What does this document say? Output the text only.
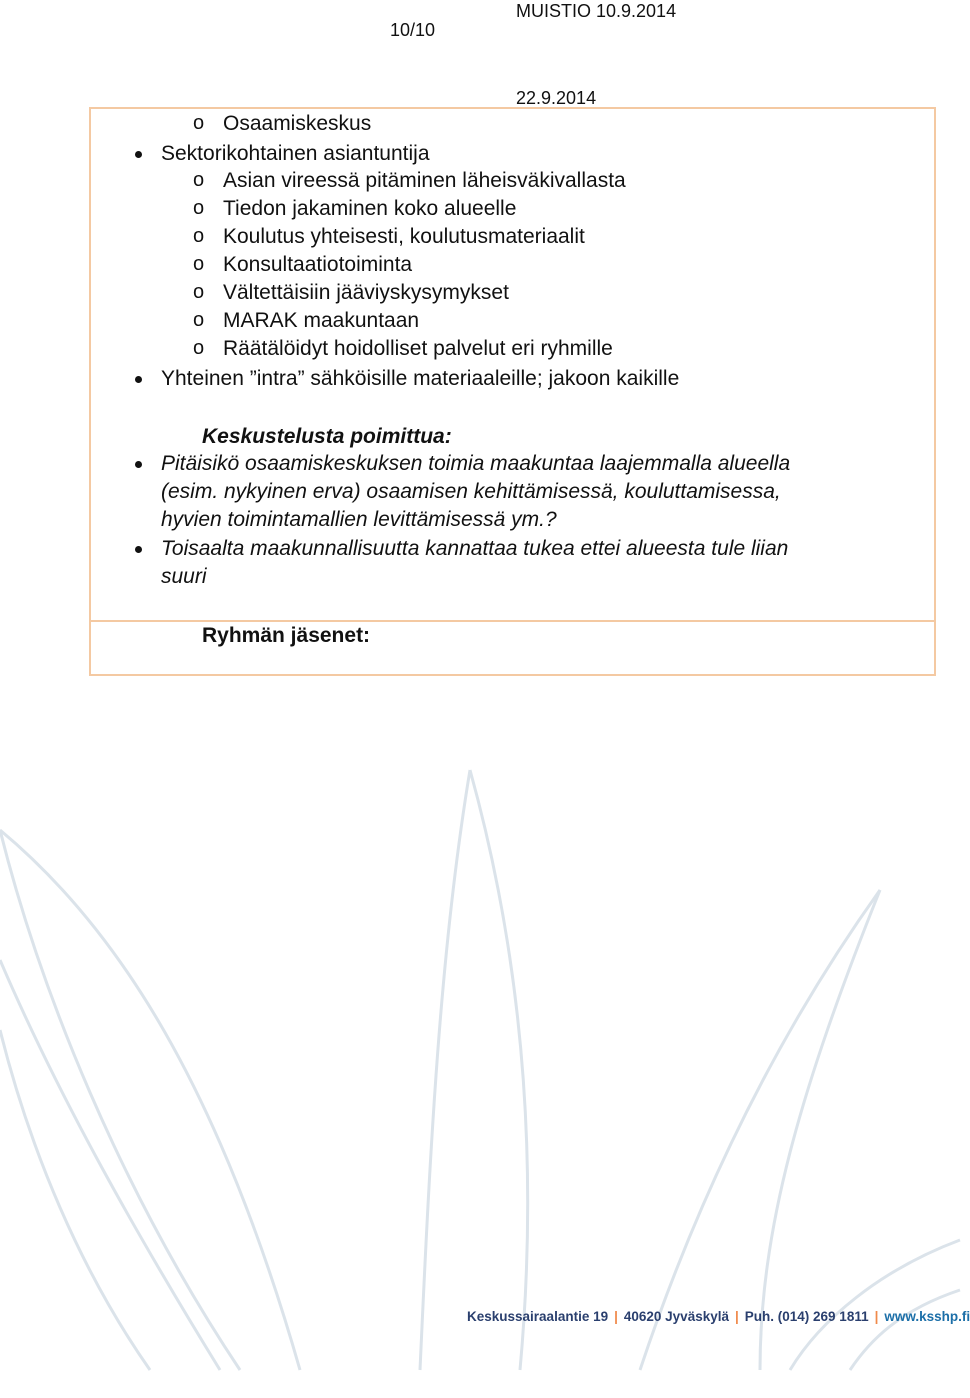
10/10
MUISTIO 10.9.2014
22.9.2014
o Osaamiskeskus
Sektorikohtainen asiantuntija
o Asian vireessä pitäminen läheisväkivallasta
o Tiedon jakaminen koko alueelle
o Koulutus yhteisesti, koulutusmateriaalit
o Konsultaatiotoiminta
o Vältettäisiin jääviyskysymykset
o MARAK maakuntaan
o Räätälöidyt hoidolliset palvelut eri ryhmille
Yhteinen ”intra” sähköisille materiaaleille; jakoon kaikille
Keskustelusta poimittua:
Pitäisikö osaamiskeskuksen toimia maakuntaa laajemmalla alueella
(esim. nykyinen erva) osaamisen kehittämisessä, kouluttamisessa,
hyvien toimintamallien levittämisessä ym.?
Toisaalta maakunnallisuutta kannattaa tukea ettei alueesta tule liian
suuri
Ryhmän jäsenet:
Keskussairaalantie 19 | 40620 Jyväskylä | Puh. (014) 269 1811 | www.ksshp.fi
